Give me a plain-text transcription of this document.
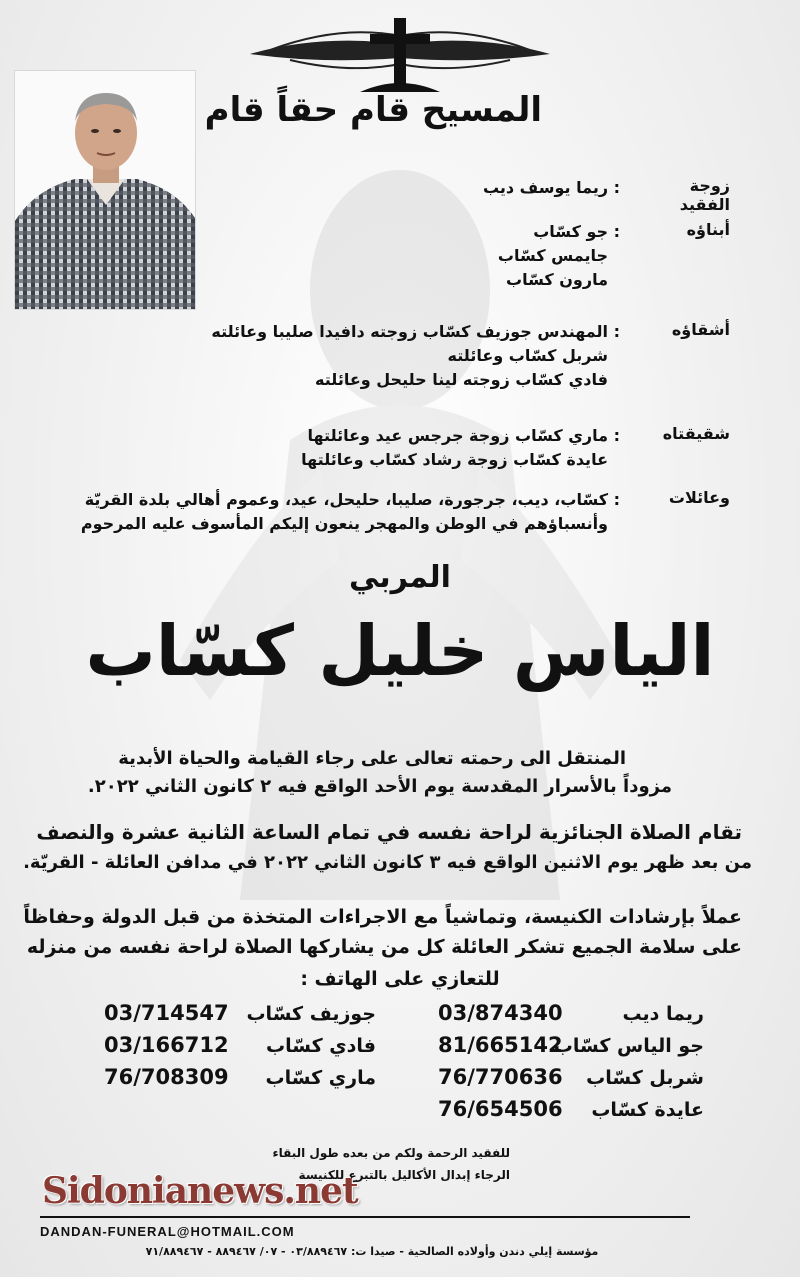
المسيح قام حقاً قام
زوجة الفقيد
: ريما يوسف ديب
أبناؤه
: جو كسّاب
جايمس كسّاب
مارون كسّاب
أشقاؤه
: المهندس جوزيف كسّاب زوجته دافيدا صليبا وعائلته
شربل كسّاب وعائلته
فادي كسّاب زوجته لينا حليحل وعائلته
شقيقتاه
: ماري كسّاب زوجة جرجس عيد وعائلتها
عايدة كسّاب زوجة رشاد كسّاب وعائلتها
وعائلات
: كسّاب، ديب، جرجورة، صليبا، حليحل، عيد، وعموم أهالي بلدة القريّة
وأنسباؤهم في الوطن والمهجر ينعون إليكم المأسوف عليه المرحوم
المربي
الياس خليل كسّاب
المنتقل الى رحمته تعالى على رجاء القيامة والحياة الأبدية
مزوداً بالأسرار المقدسة يوم الأحد الواقع فيه ٢ كانون الثاني ٢٠٢٢.
تقام الصلاة الجنائزية لراحة نفسه في تمام الساعة الثانية عشرة والنصف
من بعد ظهر يوم الاثنين الواقع فيه ٣ كانون الثاني ٢٠٢٢ في مدافن العائلة - القريّة.
عملاً بإرشادات الكنيسة، وتماشياً مع الاجراءات المتخذة من قبل الدولة وحفاظاً
على سلامة الجميع تشكر العائلة كل من يشاركها الصلاة لراحة نفسه من منزله
للتعازي على الهاتف :
ريما ديب
03/874340
جو الياس كسّاب
81/665142
شربل كسّاب
76/770636
عايدة كسّاب
76/654506
جوزيف كسّاب
03/714547
فادي كسّاب
03/166712
ماري كسّاب
76/708309
للفقيد الرحمة ولكم من بعده طول البقاء
الرجاء إبدال الأكاليل بالتبرع للكنيسة
Sidonianews.net
DANDAN-FUNERAL@HOTMAIL.COM
مؤسسة إيلي دندن وأولاده الصالحية - صيدا ت: ٠٣/٨٨٩٤٦٧ - ٠٧/ ٨٨٩٤٦٧ - ٧١/٨٨٩٤٦٧
